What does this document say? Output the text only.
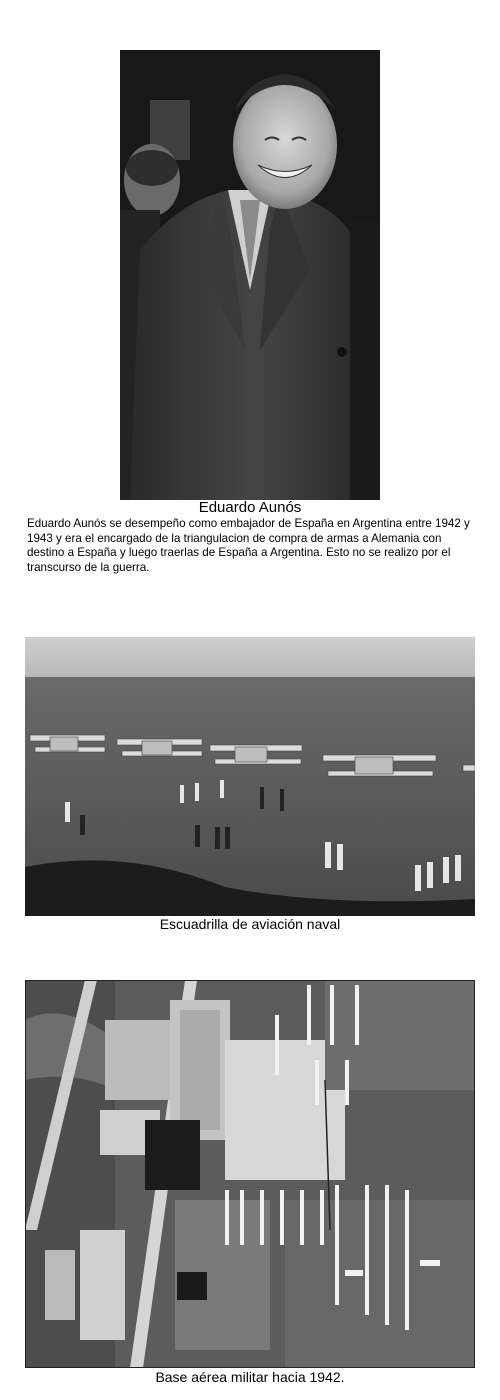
Eduardo Aunós
Eduardo Aunós se desempeño como embajador de España en Argentina entre 1942 y 1943 y era el encargado de la triangulacion de compra de armas a Alemania con destino a España y luego traerlas de España a Argentina. Esto no se realizo por el transcurso de la guerra.
Escuadrilla de aviación naval
Base aérea militar hacia 1942.
